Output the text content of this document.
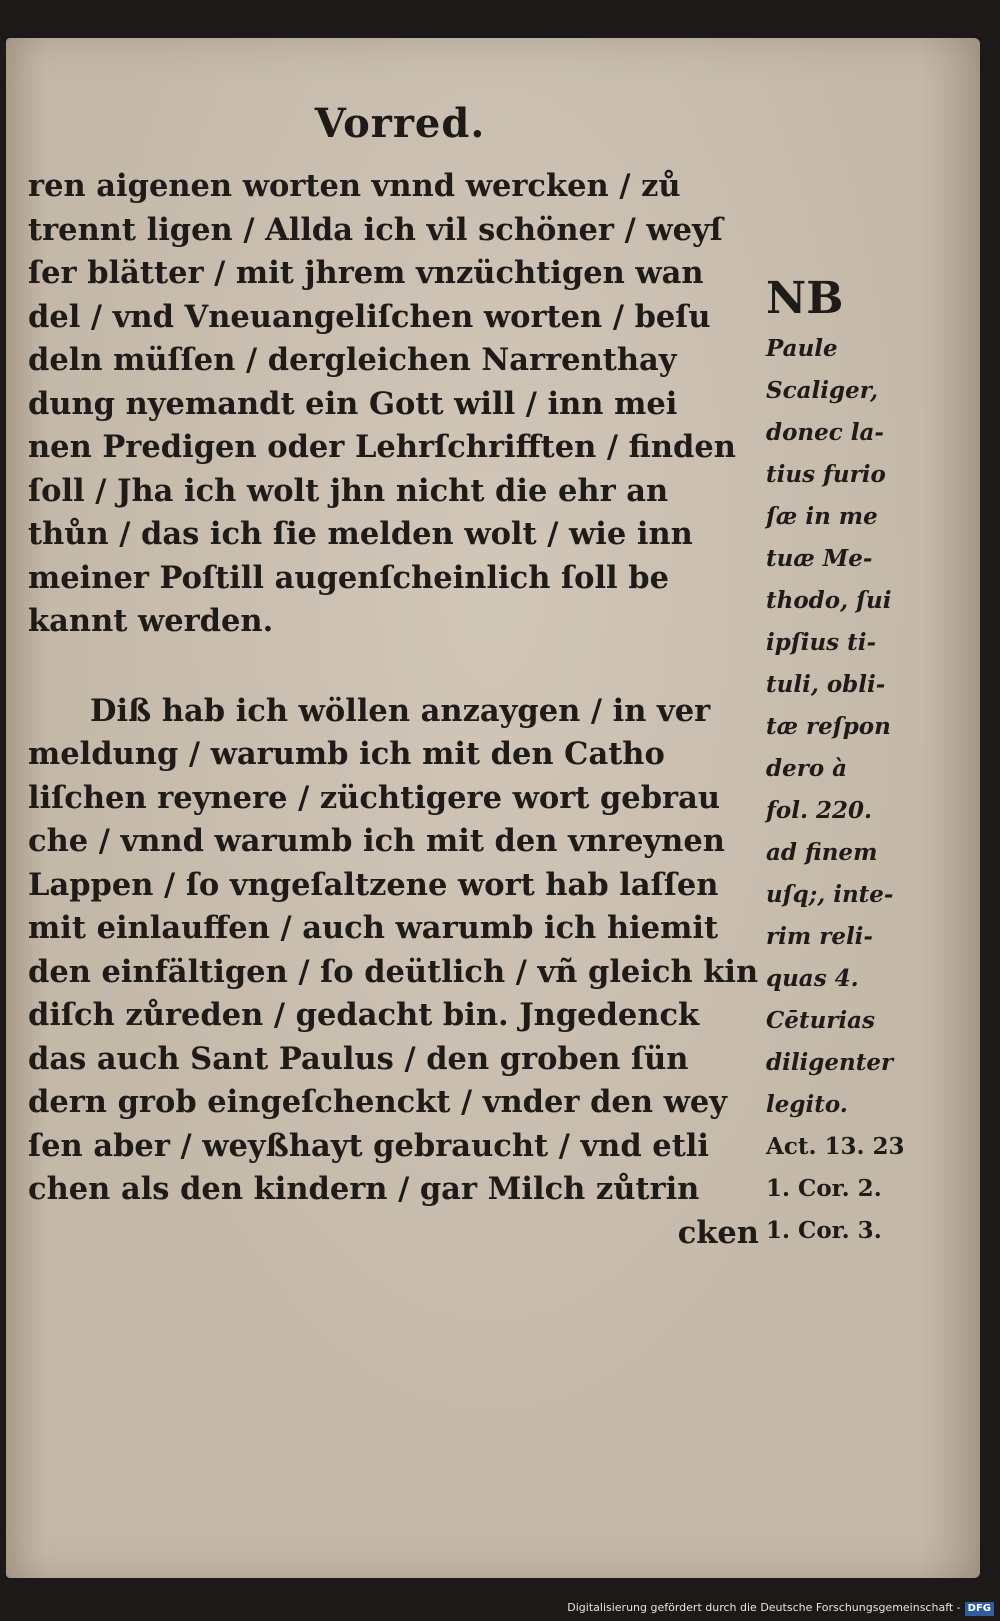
Vorred.
ren aigenen worten vnnd wercken / zů
trennt ligen / Allda ich vil schöner / weyſ
ſer blätter / mit jhrem vnzüchtigen wan
del / vnd Vneuangeliſchen worten / beſu
deln müſſen / dergleichen Narrenthay
dung nyemandt ein Gott will / inn mei
nen Predigen oder Lehrſchrifften / finden
ſoll / Jha ich wolt jhn nicht die ehr an
thůn / das ich ſie melden wolt / wie inn
meiner Poſtill augenſcheinlich ſoll be
kannt werden.
Diß hab ich wöllen anzaygen / in ver
meldung / warumb ich mit den Catho
liſchen reynere / züchtigere wort gebrau
che / vnnd warumb ich mit den vnreynen
Lappen / ſo vngeſaltzene wort hab laſſen
mit einlauffen / auch warumb ich hiemit
den einfältigen / ſo deütlich / vñ gleich kin
diſch zůreden / gedacht bin. Jngedenck
das auch Sant Paulus / den groben ſün
dern grob eingeſchenckt / vnder den wey
ſen aber / weyßhayt gebraucht / vnd etli
chen als den kindern / gar Milch zůtrin
cken
NB
Paule
Scaliger,
donec la-
tius furio
ſæ in me
tuæ Me-
thodo, ſui
ipſius ti-
tuli, obli-
tæ reſpon
dero à
fol. 220.
ad finem
uſq;, inte-
rim reli-
quas 4.
Cēturias
diligenter
legito.
Act. 13. 23
1. Cor. 2.
1. Cor. 3.
Digitalisierung gefördert durch die Deutsche Forschungsgemeinschaft - DFG
